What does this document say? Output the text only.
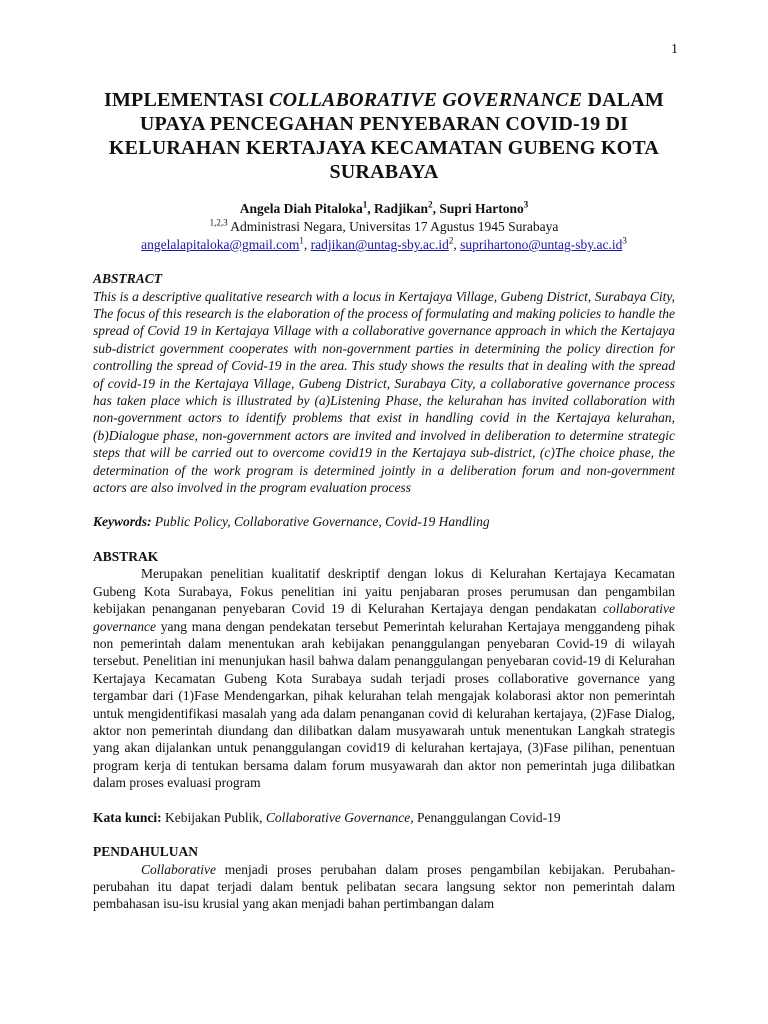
1
IMPLEMENTASI COLLABORATIVE GOVERNANCE DALAM UPAYA PENCEGAHAN PENYEBARAN COVID-19 DI KELURAHAN KERTAJAYA KECAMATAN GUBENG KOTA SURABAYA
Angela Diah Pitaloka$^1$, Radjikan$^2$, Supri Hartono$^3$
$^{1,2,3}$ Administrasi Negara, Universitas 17 Agustus 1945 Surabaya
angelalapitaloka@gmail.com$^1$, $radjikan@untag-sby.ac.id^2$, $suprihartono@untag-sby.ac.id^3$
ABSTRACT

This is a descriptive qualitative research with a locus in Kertajaya Village, Gubeng District, Surabaya City, The focus of this research is the elaboration of the process of formulating and making policies to handle the spread of Covid 19 in Kertajaya Village with a collaborative governance approach in which the Kertajaya sub-district government cooperates with non-government parties in determining the policy direction for controlling the spread of Covid-19 in the area. This study shows the results that in dealing with the spread of covid-19 in the Kertajaya Village, Gubeng District, Surabaya City, a collaborative governance process has taken place which is illustrated by (a)Listening Phase, the kelurahan has invited collaboration with non-government actors to identify problems that exist in handling covid in the Kertajaya kelurahan, (b)Dialogue phase, non-government actors are invited and involved in deliberation to determine strategic steps that will be carried out to overcome covid19 in the Kertajaya sub-district, (c)The choice phase, the determination of the work program is determined jointly in a deliberation forum and non-government actors are also involved in the program evaluation process

Keywords: Public Policy, Collaborative Governance, Covid-19 Handling
ABSTRAK

Merupakan penelitian kualitatif deskriptif dengan lokus di Kelurahan Kertajaya Kecamatan Gubeng Kota Surabaya, Fokus penelitian ini yaitu penjabaran proses perumusan dan pengambilan kebijakan penanganan penyebaran Covid 19 di Kelurahan Kertajaya dengan pendakatan collaborative governance yang mana dengan pendekatan tersebut Pemerintah kelurahan Kertajaya menggandeng pihak non pemerintah dalam menentukan arah kebijakan penanggulangan penyebaran Covid-19 di wilayah tersebut. Penelitian ini menunjukan hasil bahwa dalam penanggulangan penyebaran covid-19 di Kelurahan Kertajaya Kecamatan Gubeng Kota Surabaya sudah terjadi proses collaborative governance yang tergambar dari (1)Fase Mendengarkan, pihak kelurahan telah mengajak kolaborasi aktor non pemerintah untuk mengidentifikasi masalah yang ada dalam penanganan covid di kelurahan kertajaya, (2)Fase Dialog, aktor non pemerintah diundang dan dilibatkan dalam musyawarah untuk menentukan Langkah strategis yang akan dijalankan untuk penanggulangan covid19 di kelurahan kertajaya, (3)Fase pilihan, penentuan program kerja di tentukan bersama dalam forum musyawarah dan aktor non pemerintah juga dilibatkan dalam proses evaluasi program

Kata kunci: Kebijakan Publik, Collaborative Governance, Penanggulangan Covid-19
PENDAHULUAN

Collaborative menjadi proses perubahan dalam proses pengambilan kebijakan. Perubahan-perubahan itu dapat terjadi dalam bentuk pelibatan secara langsung sektor non pemerintah dalam pembahasan isu-isu krusial yang akan menjadi bahan pertimbangan dalam
